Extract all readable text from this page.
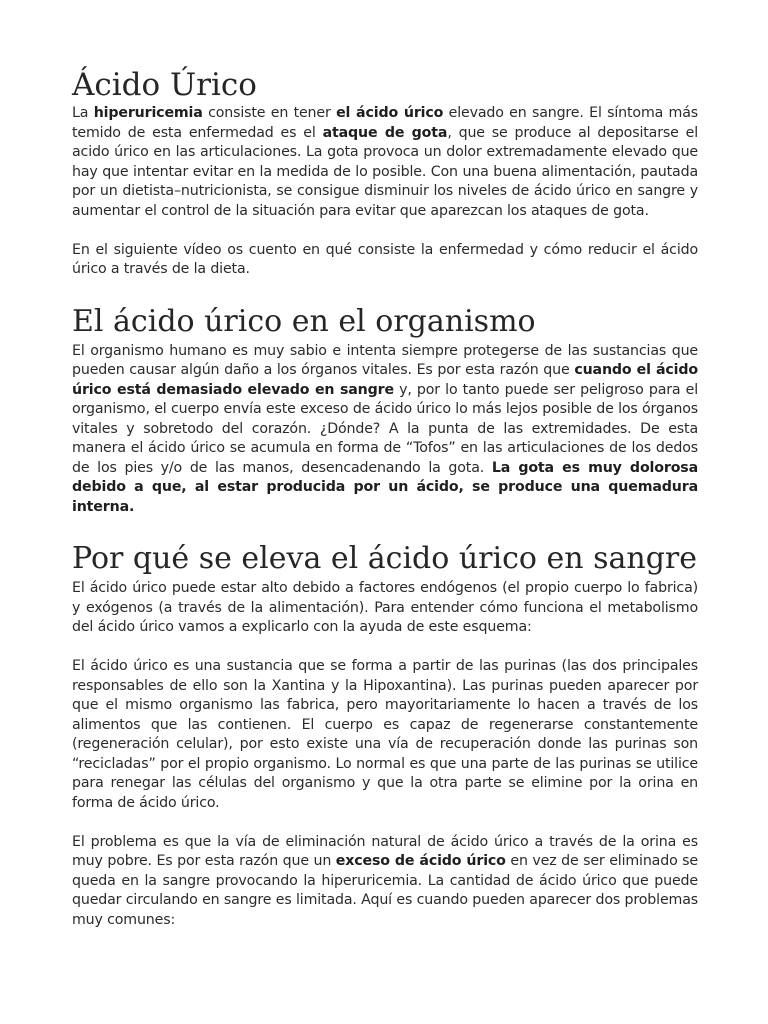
Ácido Úrico

La hiperuricemia consiste en tener el ácido úrico elevado en sangre. El síntoma más temido de esta enfermedad es el ataque de gota, que se produce al depositarse el acido úrico en las articulaciones. La gota provoca un dolor extremadamente elevado que hay que intentar evitar en la medida de lo posible. Con una buena alimentación, pautada por un dietista–nutricionista, se consigue disminuir los niveles de ácido úrico en sangre y aumentar el control de la situación para evitar que aparezcan los ataques de gota.

En el siguiente vídeo os cuento en qué consiste la enfermedad y cómo reducir el ácido úrico a través de la dieta.

El ácido úrico en el organismo

El organismo humano es muy sabio e intenta siempre protegerse de las sustancias que pueden causar algún daño a los órganos vitales. Es por esta razón que cuando el ácido úrico está demasiado elevado en sangre y, por lo tanto puede ser peligroso para el organismo, el cuerpo envía este exceso de ácido úrico lo más lejos posible de los órganos vitales y sobretodo del corazón. ¿Dónde? A la punta de las extremidades. De esta manera el ácido úrico se acumula en forma de “Tofos” en las articulaciones de los dedos de los pies y/o de las manos, desencadenando la gota. La gota es muy dolorosa debido a que, al estar producida por un ácido, se produce una quemadura interna.

Por qué se eleva el ácido úrico en sangre

El ácido úrico puede estar alto debido a factores endógenos (el propio cuerpo lo fabrica) y exógenos (a través de la alimentación). Para entender cómo funciona el metabolismo del ácido úrico vamos a explicarlo con la ayuda de este esquema:

El ácido úrico es una sustancia que se forma a partir de las purinas (las dos principales responsables de ello son la Xantina y la Hipoxantina). Las purinas pueden aparecer por que el mismo organismo las fabrica, pero mayoritariamente lo hacen a través de los alimentos que las contienen. El cuerpo es capaz de regenerarse constantemente (regeneración celular), por esto existe una vía de recuperación donde las purinas son “recicladas” por el propio organismo. Lo normal es que una parte de las purinas se utilice para renegar las células del organismo y que la otra parte se elimine por la orina en forma de ácido úrico.

El problema es que la vía de eliminación natural de ácido úrico a través de la orina es muy pobre. Es por esta razón que un exceso de ácido úrico en vez de ser eliminado se queda en la sangre provocando la hiperuricemia. La cantidad de ácido úrico que puede quedar circulando en sangre es limitada. Aquí es cuando pueden aparecer dos problemas muy comunes:
